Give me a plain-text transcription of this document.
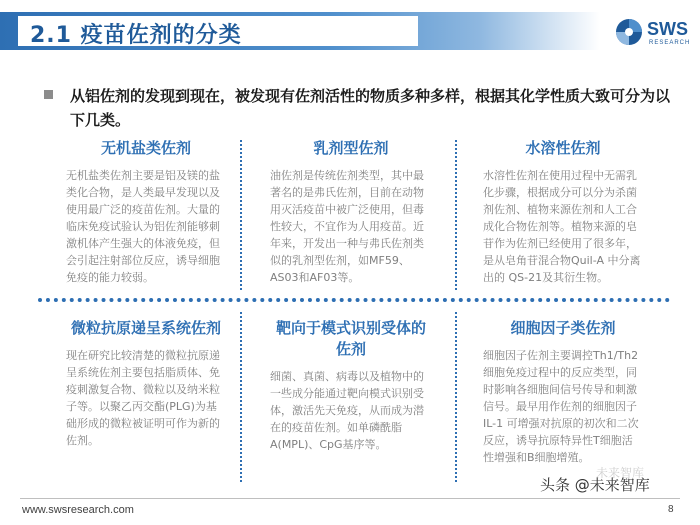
2.1 疫苗佐剂的分类	SWS
RESEARCH
从铝佐剂的发现到现在，被发现有佐剂活性的物质多种多样，根据其化学性质大致可分为以下几类。
无机盐类佐剂
无机盐类佐剂主要是铝及镁的盐类化合物，是人类最早发现以及使用最广泛的疫苗佐剂。大量的临床免疫试验认为铝佐剂能够刺激机体产生强大的体液免疫，但会引起注射部位反应，诱导细胞免疫的能力较弱。
乳剂型佐剂
油佐剂是传统佐剂类型，其中最著名的是弗氏佐剂，目前在动物用灭活疫苗中被广泛使用，但毒性较大，不宜作为人用疫苗。近年来，开发出一种与弗氏佐剂类似的乳剂型佐剂，如MF59、AS03和AF03等。
水溶性佐剂
水溶性佐剂在使用过程中无需乳化步骤，根据成分可以分为杀菌剂佐剂、植物来源佐剂和人工合成化合物佐剂等。植物来源的皂苷作为佐剂已经使用了很多年，是从皂角苷混合物Quil-A 中分离出的 QS-21及其衍生物。
微粒抗原递呈系统佐剂
现在研究比较清楚的微粒抗原递呈系统佐剂主要包括脂质体、免疫刺激复合物、微粒以及纳米粒子等。以聚乙丙交酯(PLG)为基础形成的微粒被证明可作为新的佐剂。
靶向于模式识别受体的佐剂
细菌、真菌、病毒以及植物中的一些成分能通过靶向模式识别受体，激活先天免疫，从而成为潜在的疫苗佐剂。如单磷酰脂 A(MPL)、CpG基序等。
细胞因子类佐剂
细胞因子佐剂主要调控Th1/Th2细胞免疫过程中的反应类型，同时影响各细胞间信号传导和刺激信号。最早用作佐剂的细胞因子IL-1 可增强对抗原的初次和二次反应，诱导抗原特异性T细胞活性增强和B细胞增殖。
未来智库
头条 @未来智库
www.swsresearch.com	8
